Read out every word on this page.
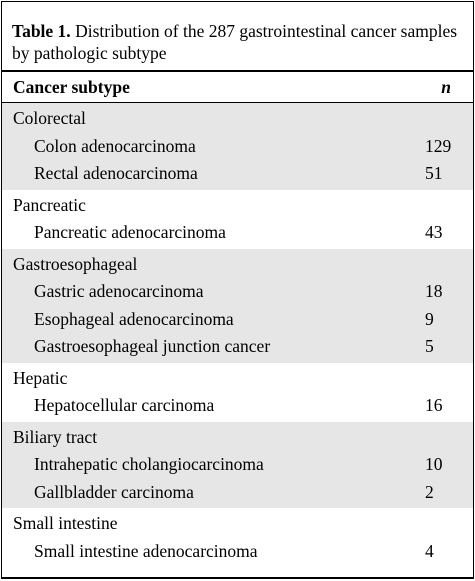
Table 1. Distribution of the 287 gastrointestinal cancer samples by pathologic subtype
Cancer subtype	n
Colorectal
Colon adenocarcinoma	129
Rectal adenocarcinoma	51
Pancreatic
Pancreatic adenocarcinoma	43
Gastroesophageal
Gastric adenocarcinoma	18
Esophageal adenocarcinoma	9
Gastroesophageal junction cancer	5
Hepatic
Hepatocellular carcinoma	16
Biliary tract
Intrahepatic cholangiocarcinoma	10
Gallbladder carcinoma	2
Small intestine
Small intestine adenocarcinoma	4
